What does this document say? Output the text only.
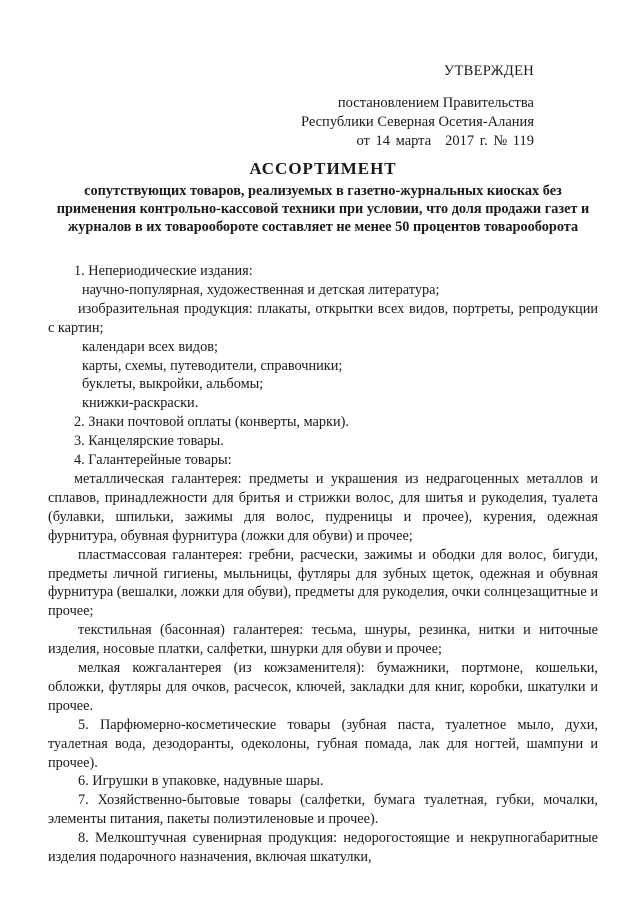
УТВЕРЖДЕН
постановлением Правительства
Республики Северная Осетия-Алания
от 14 марта 2017 г. № 119
АССОРТИМЕНТ
сопутствующих товаров, реализуемых в газетно-журнальных киосках без применения контрольно-кассовой техники при условии, что доля продажи газет и журналов в их товарообороте составляет не менее 50 процентов товарооборота

1. Непериодические издания:

научно-популярная, художественная и детская литература;

изобразительная продукция: плакаты, открытки всех видов, портреты, репродукции с картин;

календари всех видов;

карты, схемы, путеводители, справочники;

буклеты, выкройки, альбомы;

книжки-раскраски.

2. Знаки почтовой оплаты (конверты, марки).

3. Канцелярские товары.

4. Галантерейные товары:

металлическая галантерея: предметы и украшения из недрагоценных металлов и сплавов, принадлежности для бритья и стрижки волос, для шитья и рукоделия, туалета (булавки, шпильки, зажимы для волос, пудреницы и прочее), курения, одежная фурнитура, обувная фурнитура (ложки для обуви) и прочее;

пластмассовая галантерея: гребни, расчески, зажимы и ободки для волос, бигуди, предметы личной гигиены, мыльницы, футляры для зубных щеток, одежная и обувная фурнитура (вешалки, ложки для обуви), предметы для рукоделия, очки солнцезащитные и прочее;

текстильная (басонная) галантерея: тесьма, шнуры, резинка, нитки и ниточные изделия, носовые платки, салфетки, шнурки для обуви и прочее;

мелкая кожгалантерея (из кожзаменителя): бумажники, портмоне, кошельки, обложки, футляры для очков, расчесок, ключей, закладки для книг, коробки, шкатулки и прочее.

5. Парфюмерно-косметические товары (зубная паста, туалетное мыло, духи, туалетная вода, дезодоранты, одеколоны, губная помада, лак для ногтей, шампуни и прочее).

6. Игрушки в упаковке, надувные шары.

7. Хозяйственно-бытовые товары (салфетки, бумага туалетная, губки, мочалки, элементы питания, пакеты полиэтиленовые и прочее).

8. Мелкоштучная сувенирная продукция: недорогостоящие и некрупногабаритные изделия подарочного назначения, включая шкатулки,
